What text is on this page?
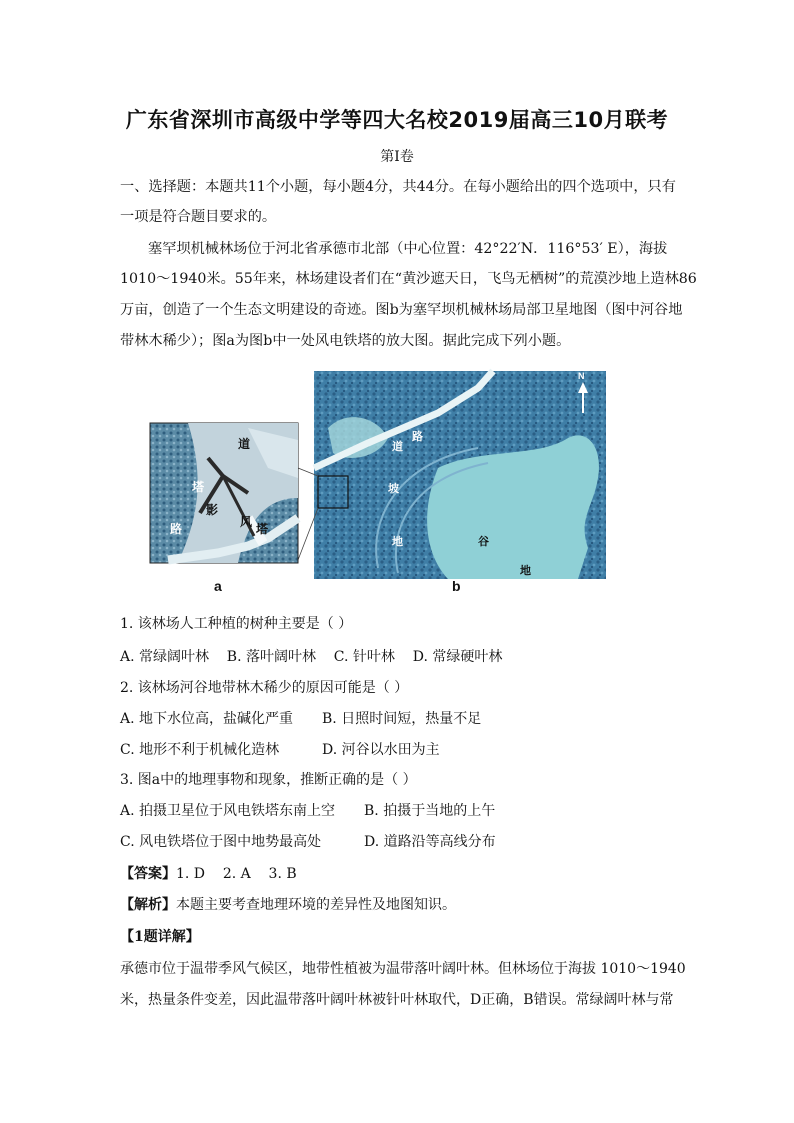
广东省深圳市高级中学等四大名校2019届高三10月联考
第Ⅰ卷
一、选择题：本题共11个小题，每小题4分，共44分。在每小题给出的四个选项中，只有
一项是符合题目要求的。
塞罕坝机械林场位于河北省承德市北部（中心位置：42°22′N．116°53′ E），海拔
1010～1940米。55年来，林场建设者们在“黄沙遮天日，飞鸟无栖树”的荒漠沙地上造林86
万亩，创造了一个生态文明建设的奇迹。图b为塞罕坝机械林场局部卫星地图（图中河谷地
带林木稀少）；图a为图b中一处风电铁塔的放大图。据此完成下列小题。
道
塔
影
路	风 塔
道
路
坡
地	谷
地
N
a	b
1. 该林场人工种植的树种主要是（ ）
A. 常绿阔叶林    B. 落叶阔叶林    C. 针叶林    D. 常绿硬叶林
2. 该林场河谷地带林木稀少的原因可能是（ ）
A. 地下水位高，盐碱化严重 B. 日照时间短，热量不足
C. 地形不利于机械化造林	D. 河谷以水田为主
3. 图a中的地理事物和现象，推断正确的是（ ）
A. 拍摄卫星位于风电铁塔东南上空 B. 拍摄于当地的上午
C. 风电铁塔位于图中地势最高处	D. 道路沿等高线分布
【答案】1. D    2. A    3. B
【解析】本题主要考查地理环境的差异性及地图知识。
【1题详解】
承德市位于温带季风气候区，地带性植被为温带落叶阔叶林。但林场位于海拔 1010～1940
米，热量条件变差，因此温带落叶阔叶林被针叶林取代，D正确，B错误。常绿阔叶林与常
